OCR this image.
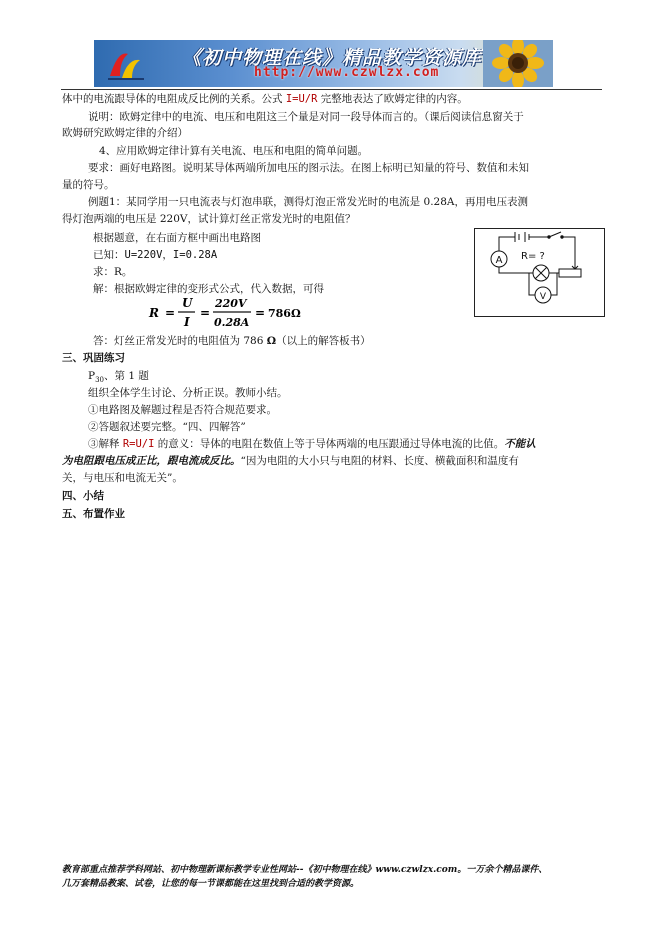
《初中物理在线》精品教学资源库
http://www.czwlzx.com
体中的电流跟导体的电阻成反比例的关系。公式 I=U/R 完整地表达了欧姆定律的内容。
说明：欧姆定律中的电流、电压和电阻这三个量是对同一段导体而言的。（课后阅读信息窗关于
欧姆研究欧姆定律的介绍）
4、应用欧姆定律计算有关电流、电压和电阻的简单问题。
要求：画好电路图。说明某导体两端所加电压的图示法。在图上标明已知量的符号、数值和未知
量的符号。
例题1：某同学用一只电流表与灯泡串联，测得灯泡正常发光时的电流是 0.28A，再用电压表测
得灯泡两端的电压是 220V，试计算灯丝正常发光时的电阻值？
根据题意，在右面方框中画出电路图
已知：U=220V，I=0.28A
求：R。
解：根据欧姆定律的变形式公式，代入数据，可得
R =
U
I
=
220V
0.28A
= 786Ω
答：灯丝正常发光时的电阻值为 786 Ω（以上的解答板书）
三、巩固练习
$P_{30}$、第 1 题
组织全体学生讨论、分析正误。教师小结。
①电路图及解题过程是否符合规范要求。
②答题叙述要完整。“四、四解答”
③解释 R=U/I 的意义：导体的电阻在数值上等于导体两端的电压跟通过导体电流的比值。不能认
为电阻跟电压成正比，跟电流成反比。“因为电阻的大小只与电阻的材料、长度、横截面积和温度有
关，与电压和电流无关”。
四、小结
五、布置作业
A
V
R= ?
教育部重点推荐学科网站、初中物理新课标教学专业性网站--《初中物理在线》www.czwlzx.com。一万余个精品课件、
几万套精品教案、试卷，让您的每一节课都能在这里找到合适的教学资源。
